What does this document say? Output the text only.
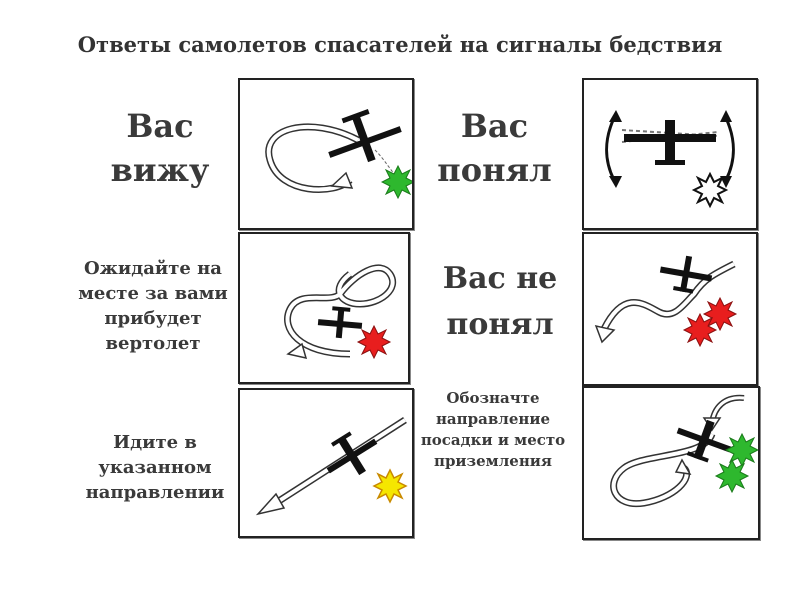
Ответы самолетов спасателей на сигналы бедствия
Вас
вижу
Вас
понял
Ожидайте на
месте за вами
прибудет
вертолет
Вас не
понял
Идите в
указанном
направлении
Обозначте
направление
посадки и место
приземления
